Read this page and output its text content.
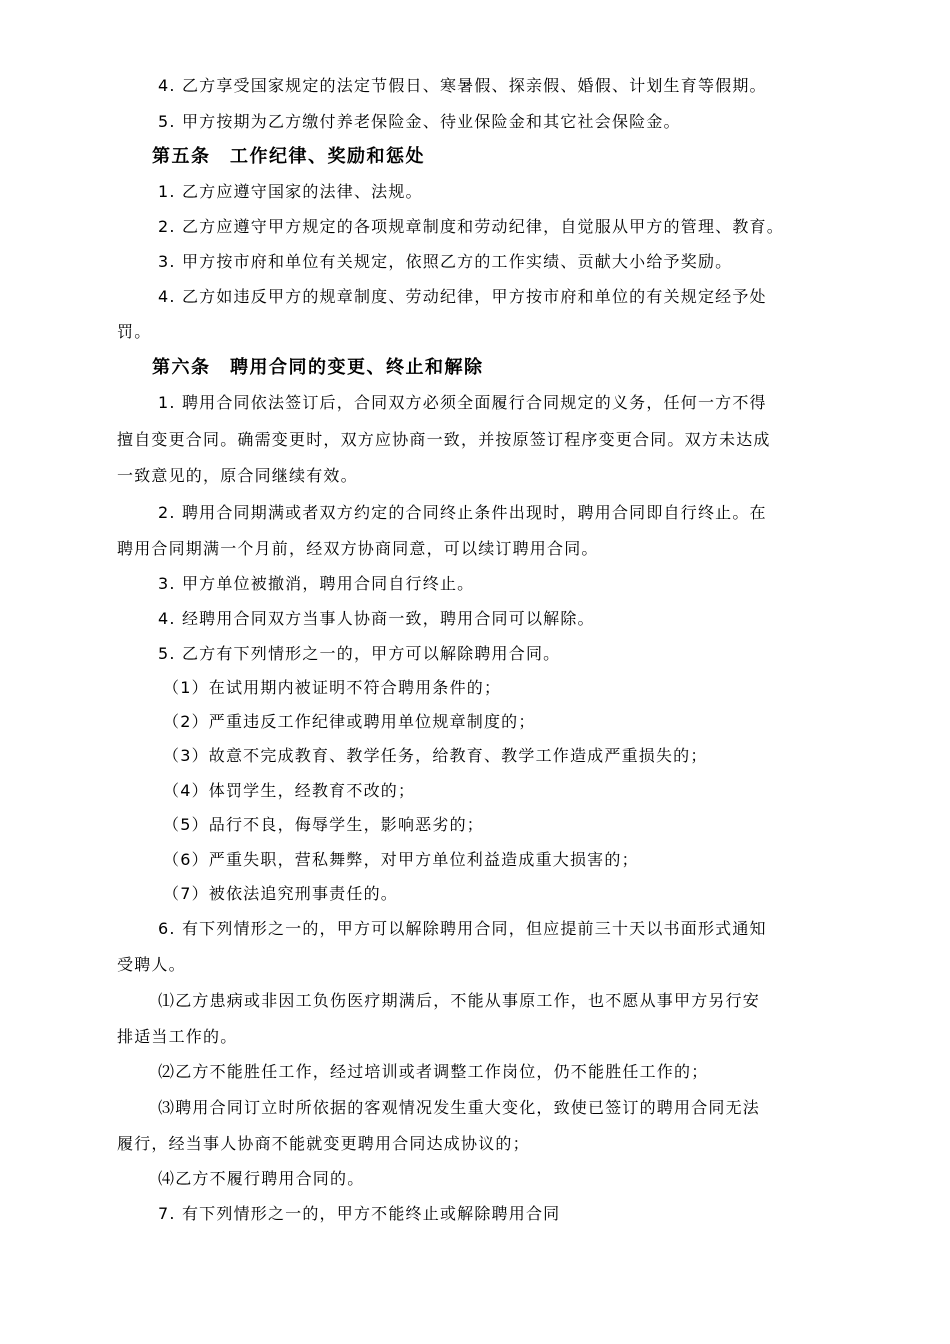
4. 乙方享受国家规定的法定节假日、寒暑假、探亲假、婚假、计划生育等假期。
5. 甲方按期为乙方缴付养老保险金、待业保险金和其它社会保险金。
第五条　工作纪律、奖励和惩处
1. 乙方应遵守国家的法律、法规。
2. 乙方应遵守甲方规定的各项规章制度和劳动纪律，自觉服从甲方的管理、教育。
3. 甲方按市府和单位有关规定，依照乙方的工作实绩、贡献大小给予奖励。
4. 乙方如违反甲方的规章制度、劳动纪律，甲方按市府和单位的有关规定经予处
罚。
第六条　聘用合同的变更、终止和解除
1. 聘用合同依法签订后，合同双方必须全面履行合同规定的义务，任何一方不得
擅自变更合同。确需变更时，双方应协商一致，并按原签订程序变更合同。双方未达成
一致意见的，原合同继续有效。
2. 聘用合同期满或者双方约定的合同终止条件出现时，聘用合同即自行终止。在
聘用合同期满一个月前，经双方协商同意，可以续订聘用合同。
3. 甲方单位被撤消，聘用合同自行终止。
4. 经聘用合同双方当事人协商一致，聘用合同可以解除。
5. 乙方有下列情形之一的，甲方可以解除聘用合同。
（1）在试用期内被证明不符合聘用条件的；
（2）严重违反工作纪律或聘用单位规章制度的；
（3）故意不完成教育、教学任务，给教育、教学工作造成严重损失的；
（4）体罚学生，经教育不改的；
（5）品行不良，侮辱学生，影响恶劣的；
（6）严重失职，营私舞弊，对甲方单位利益造成重大损害的；
（7）被依法追究刑事责任的。
6. 有下列情形之一的，甲方可以解除聘用合同，但应提前三十天以书面形式通知
受聘人。
⑴乙方患病或非因工负伤医疗期满后，不能从事原工作，也不愿从事甲方另行安
排适当工作的。
⑵乙方不能胜任工作，经过培训或者调整工作岗位，仍不能胜任工作的；
⑶聘用合同订立时所依据的客观情况发生重大变化，致使已签订的聘用合同无法
履行，经当事人协商不能就变更聘用合同达成协议的；
⑷乙方不履行聘用合同的。
7. 有下列情形之一的，甲方不能终止或解除聘用合同
